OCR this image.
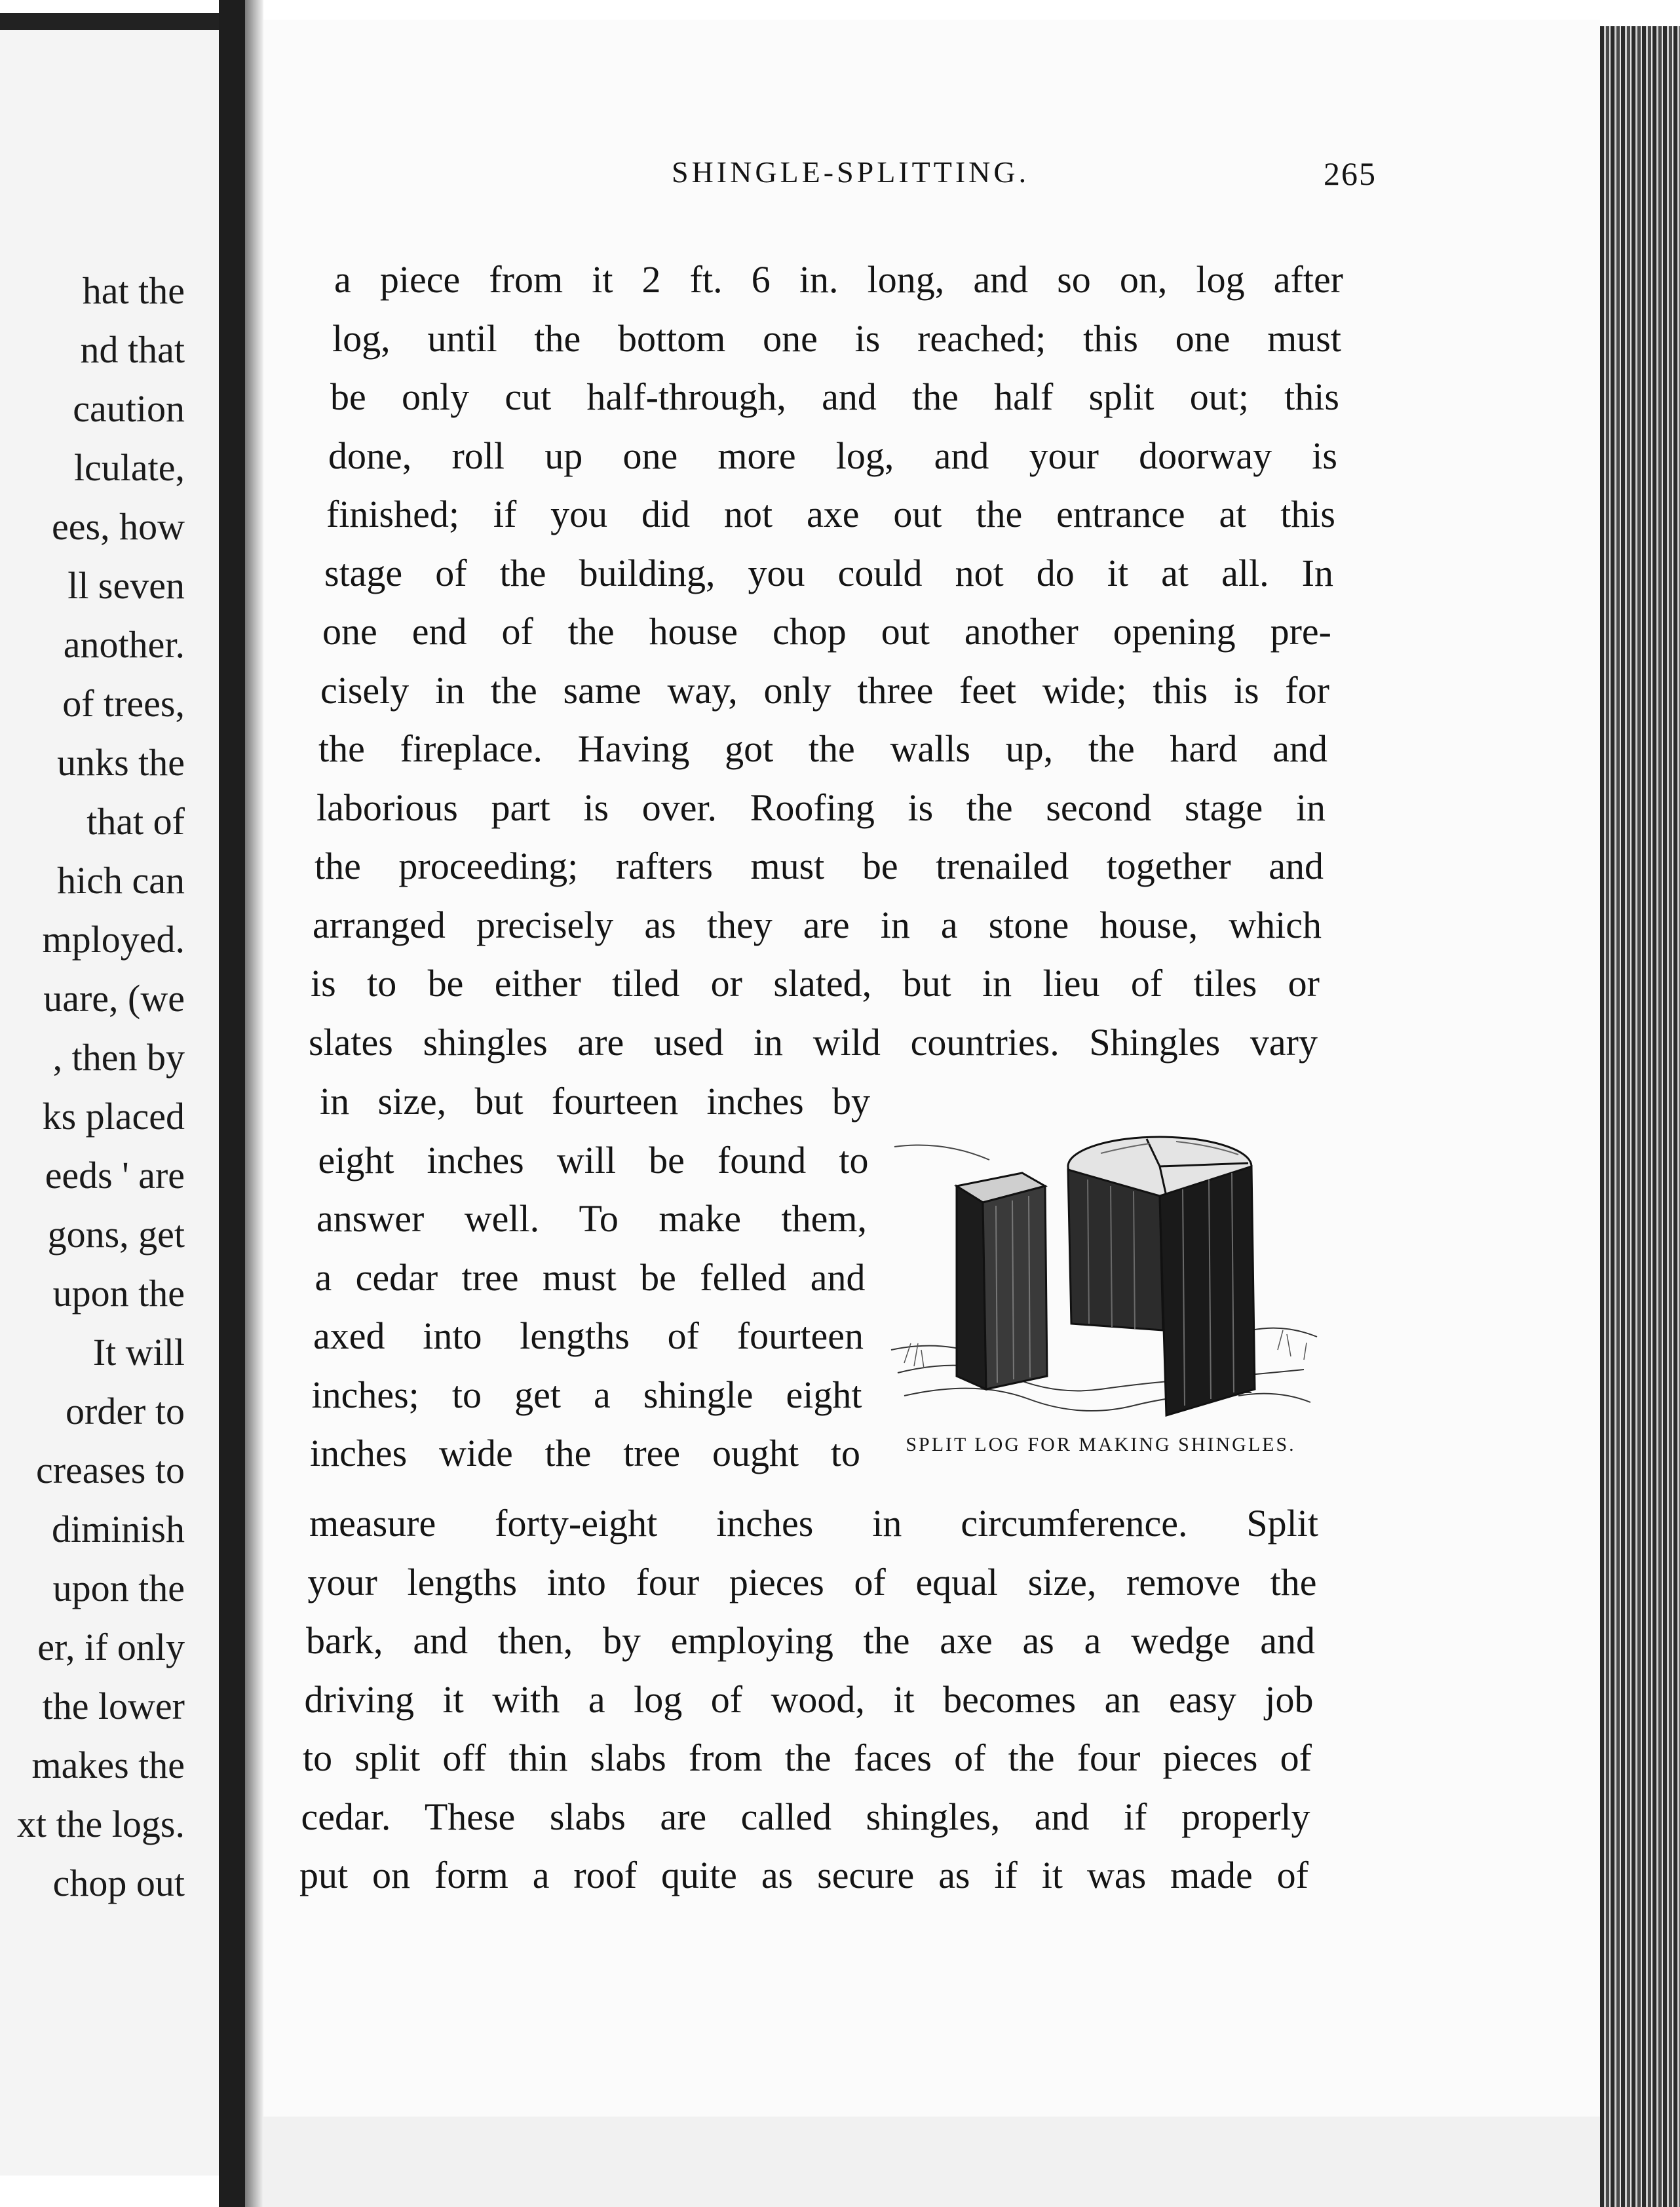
hat the
nd that
caution
lculate,
ees, how
ll seven
another.
of trees,
unks the
that of
hich can
mployed.
uare, (we
, then by
ks placed
eeds ' are
gons, get
upon the
It will
order to
creases to
diminish
upon the
er, if only
the lower
makes the
xt the logs.
chop out
SHINGLE-SPLITTING.	265
a piece from it 2 ft. 6 in. long, and so on, log after
log, until the bottom one is reached; this one must
be only cut half-through, and the half split out; this
done, roll up one more log, and your doorway is
finished; if you did not axe out the entrance at this
stage of the building, you could not do it at all. In
one end of the house chop out another opening pre-
cisely in the same way, only three feet wide; this is for
the fireplace. Having got the walls up, the hard and
laborious part is over. Roofing is the second stage in
the proceeding; rafters must be trenailed together and
arranged precisely as they are in a stone house, which
is to be either tiled or slated, but in lieu of tiles or
slates shingles are used in wild countries. Shingles vary
in size, but fourteen inches by
eight inches will be found to
answer well. To make them,
a cedar tree must be felled and
axed into lengths of fourteen
inches; to get a shingle eight
inches wide the tree ought to
measure forty-eight inches in circumference. Split
your lengths into four pieces of equal size, remove the
bark, and then, by employing the axe as a wedge and
driving it with a log of wood, it becomes an easy job
to split off thin slabs from the faces of the four pieces of
cedar. These slabs are called shingles, and if properly
put on form a roof quite as secure as if it was made of
SPLIT LOG FOR MAKING SHINGLES.
